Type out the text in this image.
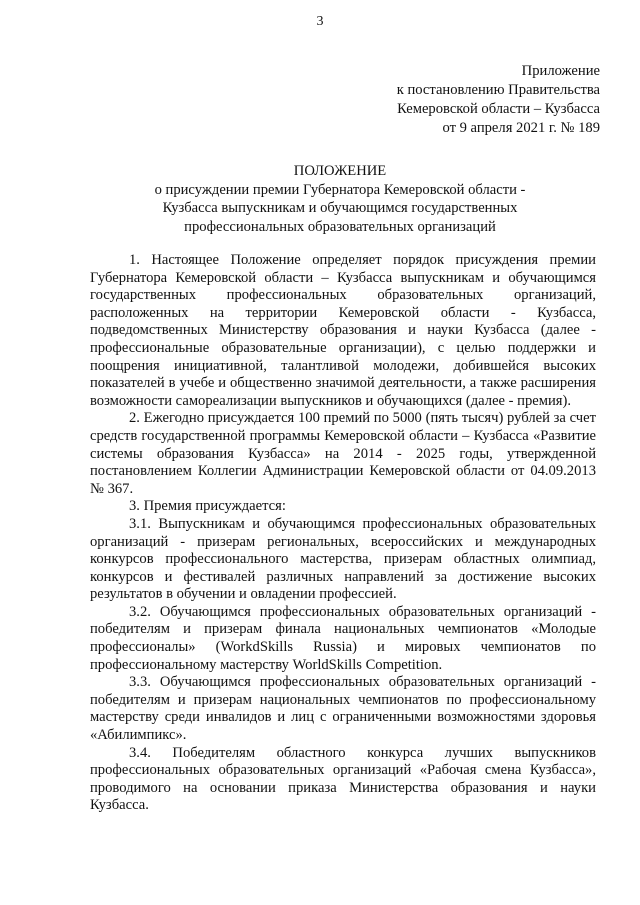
3
Приложение
к постановлению Правительства
Кемеровской области – Кузбасса
от 9 апреля 2021 г. № 189
ПОЛОЖЕНИЕ
о присуждении премии Губернатора Кемеровской области -
Кузбасса выпускникам и обучающимся государственных
профессиональных образовательных организаций

1. Настоящее Положение определяет порядок присуждения премии Губернатора Кемеровской области – Кузбасса выпускникам и обучающимся государственных профессиональных образовательных организаций, расположенных на территории Кемеровской области - Кузбасса, подведомственных Министерству образования и науки Кузбасса (далее - профессиональные образовательные организации), с целью поддержки и поощрения инициативной, талантливой молодежи, добившейся высоких показателей в учебе и общественно значимой деятельности, а также расширения возможности самореализации выпускников и обучающихся (далее - премия).

2. Ежегодно присуждается 100 премий по 5000 (пять тысяч) рублей за счет средств государственной программы Кемеровской области – Кузбасса «Развитие системы образования Кузбасса» на 2014 - 2025 годы, утвержденной постановлением Коллегии Администрации Кемеровской области от 04.09.2013 № 367.

3. Премия присуждается:

3.1. Выпускникам и обучающимся профессиональных образовательных организаций - призерам региональных, всероссийских и международных конкурсов профессионального мастерства, призерам областных олимпиад, конкурсов и фестивалей различных направлений за достижение высоких результатов в обучении и овладении профессией.

3.2. Обучающимся профессиональных образовательных организаций - победителям и призерам финала национальных чемпионатов «Молодые профессионалы» (WorkdSkills Russia) и мировых чемпионатов по профессиональному мастерству WorldSkills Competition.

3.3. Обучающимся профессиональных образовательных организаций - победителям и призерам национальных чемпионатов по профессиональному мастерству среди инвалидов и лиц с ограниченными возможностями здоровья «Абилимпикс».

3.4. Победителям областного конкурса лучших выпускников профессиональных образовательных организаций «Рабочая смена Кузбасса», проводимого на основании приказа Министерства образования и науки Кузбасса.
